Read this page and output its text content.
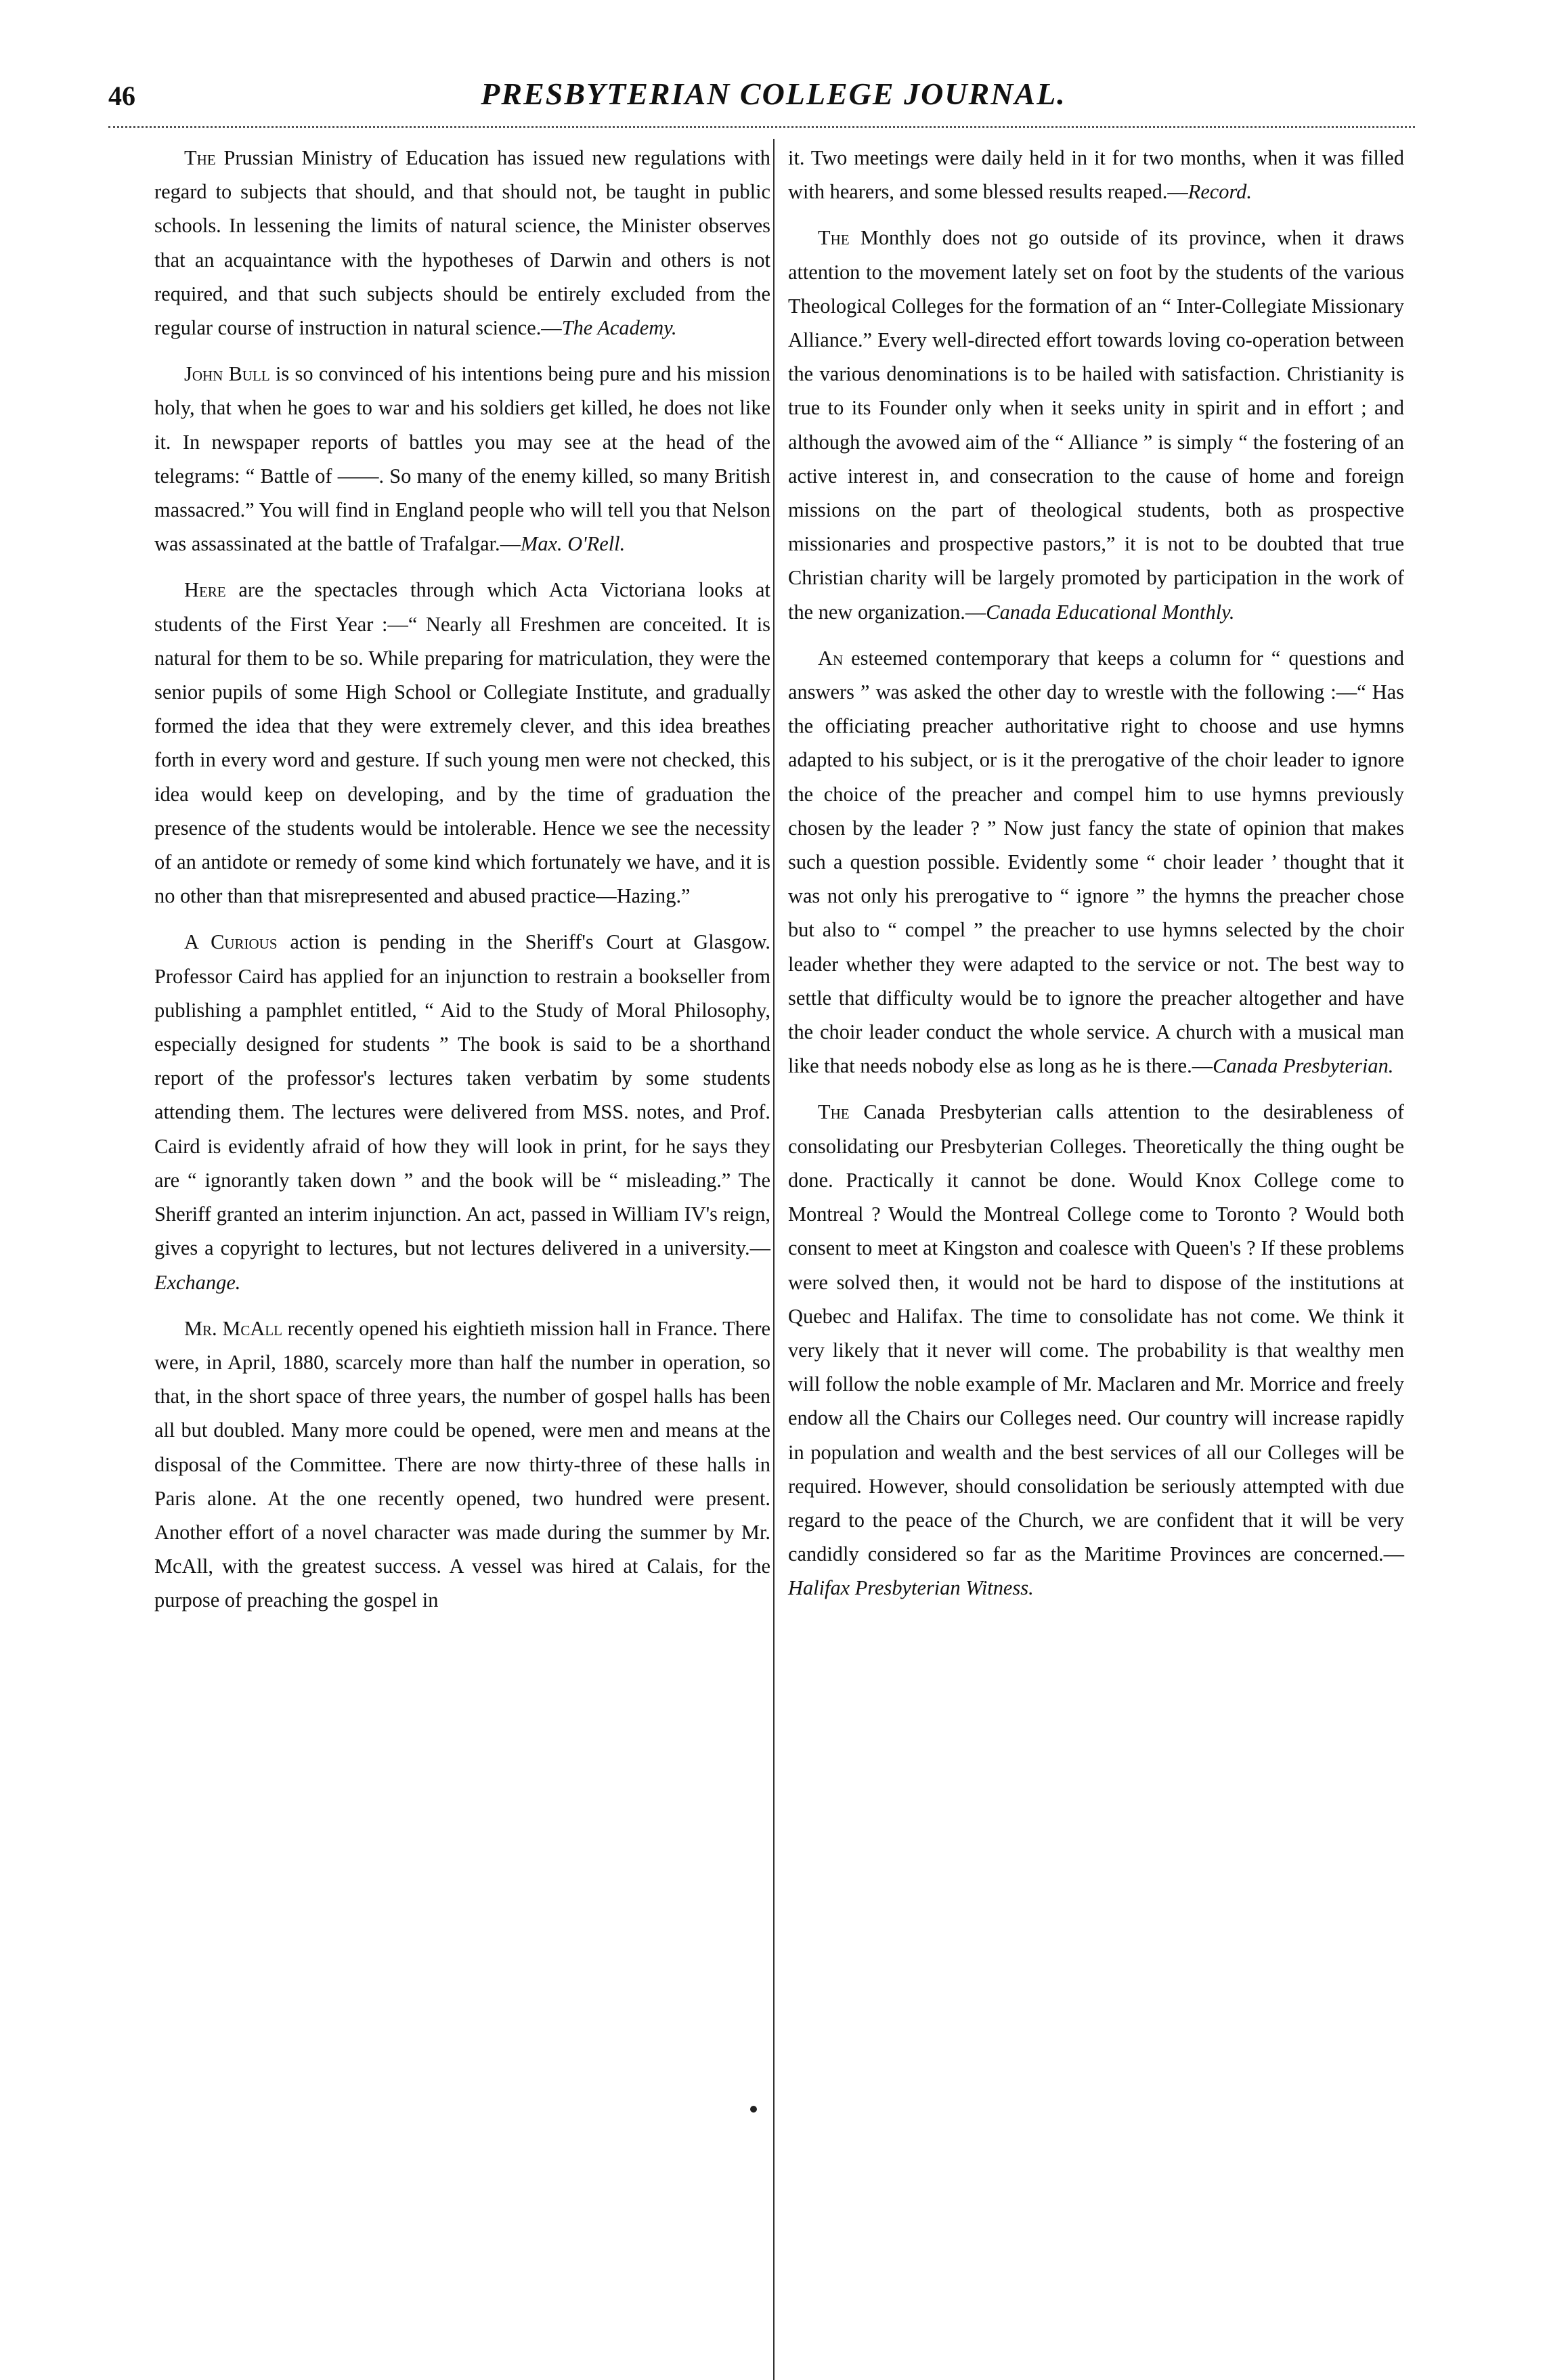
46	PRESBYTERIAN COLLEGE JOURNAL.

The Prussian Ministry of Education has issued new regulations with regard to subjects that should, and that should not, be taught in public schools. In lessening the limits of natural science, the Minister observes that an acquaintance with the hypotheses of Darwin and others is not required, and that such subjects should be entirely excluded from the regular course of instruction in natural science.—The Academy.

John Bull is so convinced of his intentions being pure and his mission holy, that when he goes to war and his soldiers get killed, he does not like it. In newspaper reports of battles you may see at the head of the telegrams: “ Battle of ——. So many of the enemy killed, so many British massacred.” You will find in England people who will tell you that Nelson was assassinated at the battle of Trafalgar.—Max. O'Rell.

Here are the spectacles through which Acta Victoriana looks at students of the First Year :—“ Nearly all Freshmen are conceited. It is natural for them to be so. While preparing for matriculation, they were the senior pupils of some High School or Collegiate Institute, and gradually formed the idea that they were extremely clever, and this idea breathes forth in every word and gesture. If such young men were not checked, this idea would keep on developing, and by the time of graduation the presence of the students would be intolerable. Hence we see the necessity of an antidote or remedy of some kind which fortunately we have, and it is no other than that misrepresented and abused practice—Hazing.”

A Curious action is pending in the Sheriff's Court at Glasgow. Professor Caird has applied for an injunction to restrain a bookseller from publishing a pamphlet entitled, “ Aid to the Study of Moral Philosophy, especially designed for students ” The book is said to be a shorthand report of the professor's lectures taken verbatim by some students attending them. The lectures were delivered from MSS. notes, and Prof. Caird is evidently afraid of how they will look in print, for he says they are “ ignorantly taken down ” and the book will be “ misleading.” The Sheriff granted an interim injunction. An act, passed in William IV's reign, gives a copyright to lectures, but not lectures delivered in a university.—Exchange.

Mr. McAll recently opened his eightieth mission hall in France. There were, in April, 1880, scarcely more than half the number in operation, so that, in the short space of three years, the number of gospel halls has been all but doubled. Many more could be opened, were men and means at the disposal of the Committee. There are now thirty-three of these halls in Paris alone. At the one recently opened, two hundred were present. Another effort of a novel character was made during the summer by Mr. McAll, with the greatest success. A vessel was hired at Calais, for the purpose of preaching the gospel in

it. Two meetings were daily held in it for two months, when it was filled with hearers, and some blessed results reaped.—Record.

The Monthly does not go outside of its province, when it draws attention to the movement lately set on foot by the students of the various Theological Colleges for the formation of an “ Inter-Collegiate Missionary Alliance.” Every well-directed effort towards loving co-operation between the various denominations is to be hailed with satisfaction. Christianity is true to its Founder only when it seeks unity in spirit and in effort ; and although the avowed aim of the “ Alliance ” is simply “ the fostering of an active interest in, and consecration to the cause of home and foreign missions on the part of theological students, both as prospective missionaries and prospective pastors,” it is not to be doubted that true Christian charity will be largely promoted by participation in the work of the new organization.—Canada Educational Monthly.

An esteemed contemporary that keeps a column for “ questions and answers ” was asked the other day to wrestle with the following :—“ Has the officiating preacher authoritative right to choose and use hymns adapted to his subject, or is it the prerogative of the choir leader to ignore the choice of the preacher and compel him to use hymns previously chosen by the leader ? ” Now just fancy the state of opinion that makes such a question possible. Evidently some “ choir leader ’ thought that it was not only his prerogative to “ ignore ” the hymns the preacher chose but also to “ compel ” the preacher to use hymns selected by the choir leader whether they were adapted to the service or not. The best way to settle that difficulty would be to ignore the preacher altogether and have the choir leader conduct the whole service. A church with a musical man like that needs nobody else as long as he is there.—Canada Presbyterian.

The Canada Presbyterian calls attention to the desirableness of consolidating our Presbyterian Colleges. Theoretically the thing ought be done. Practically it cannot be done. Would Knox College come to Montreal ? Would the Montreal College come to Toronto ? Would both consent to meet at Kingston and coalesce with Queen's ? If these problems were solved then, it would not be hard to dispose of the institutions at Quebec and Halifax. The time to consolidate has not come. We think it very likely that it never will come. The probability is that wealthy men will follow the noble example of Mr. Maclaren and Mr. Morrice and freely endow all the Chairs our Colleges need. Our country will increase rapidly in population and wealth and the best services of all our Colleges will be required. However, should consolidation be seriously attempted with due regard to the peace of the Church, we are confident that it will be very candidly considered so far as the Maritime Provinces are concerned.—Halifax Presbyterian Witness.
